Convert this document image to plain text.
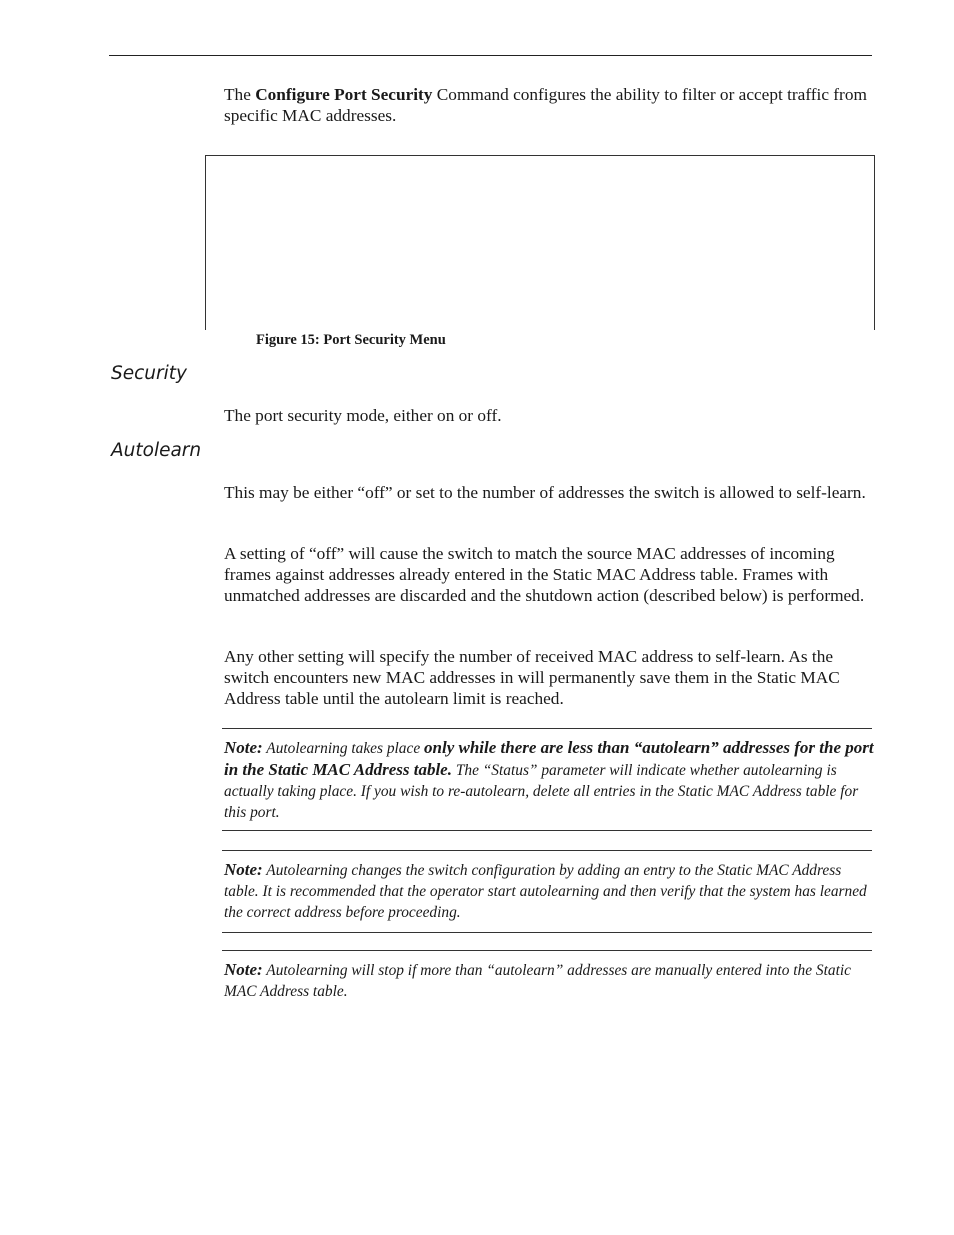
The Configure Port Security Command configures the ability to filter or accept traffic from specific MAC addresses.

Figure 15: Port Security Menu
Security

The port security mode, either on or off.

Autolearn

This may be either “off” or set to the number of addresses the switch is allowed to self-learn.

A setting of “off” will cause the switch to match the source MAC addresses of incoming frames against addresses already entered in the Static MAC Address table. Frames with unmatched addresses are discarded and the shutdown action (described below) is performed.

Any other setting will specify the number of received MAC address to self-learn. As the switch encounters new MAC addresses in will permanently save them in the Static MAC Address table until the autolearn limit is reached.

Note: Autolearning takes place only while there are less than “autolearn” addresses for the port in the Static MAC Address table. The “Status” parameter will indicate whether autolearning is actually taking place. If you wish to re-autolearn, delete all entries in the Static MAC Address table for this port.

Note: Autolearning changes the switch configuration by adding an entry to the Static MAC Address table. It is recommended that the operator start autolearning and then verify that the system has learned the correct address before proceeding.

Note: Autolearning will stop if more than “autolearn” addresses are manually entered into the Static MAC Address table.
